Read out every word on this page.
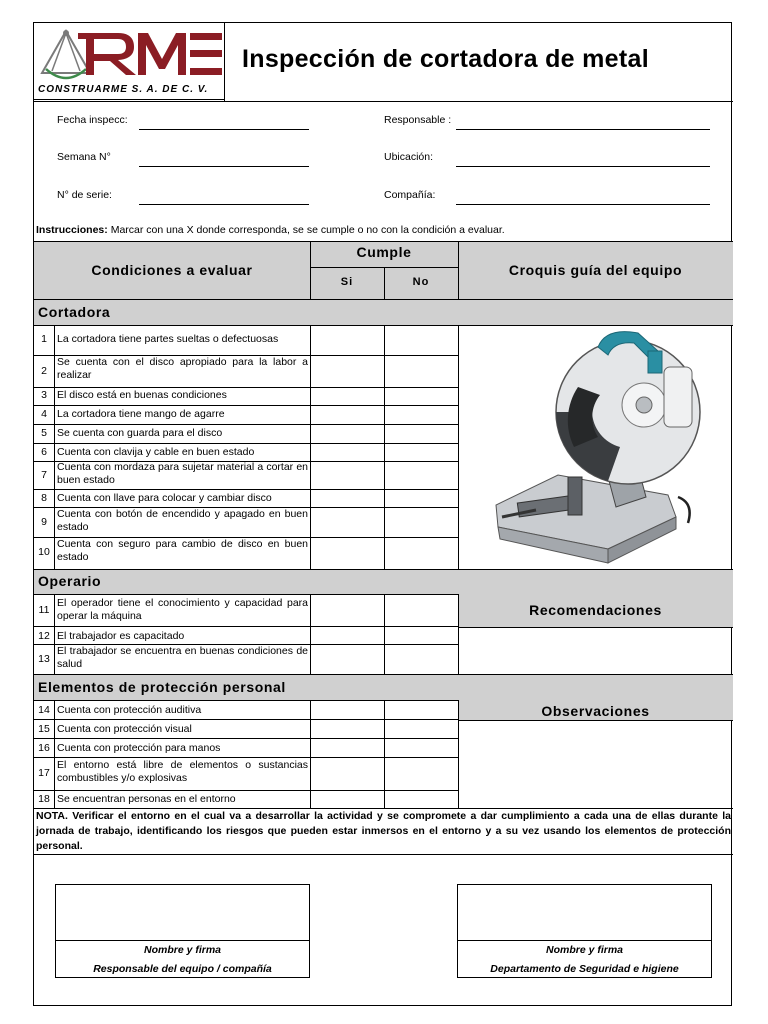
CONSTRUARME S. A. DE C. V.
Inspección de cortadora de metal
Fecha inspecc:	Responsable :
Semana N°	Ubicación:
N° de serie:	Compañía:
Instrucciones: Marcar con una X donde corresponda, se se cumple o no con la condición a evaluar.
Condiciones a evaluar
Cumple
Si	No
Croquis guía del equipo
Cortadora
1 La cortadora tiene partes sueltas o defectuosas
2
Se cuenta con el disco apropiado para la labor a realizar
3 El disco está en buenas condiciones
4 La cortadora tiene mango de agarre
5 Se cuenta con guarda para el disco
6 Cuenta con clavija y cable en buen estado
7
Cuenta con mordaza para sujetar material a cortar en buen estado
8 Cuenta con llave para colocar y cambiar disco
9
Cuenta con botón de encendido y apagado en buen estado
10
Cuenta con seguro para cambio de disco en buen estado
Operario
Recomendaciones
11
El operador tiene el conocimiento y capacidad para operar la máquina
12 El trabajador es capacitado
13
El trabajador se encuentra en buenas condiciones de salud
Elementos de protección personal
Observaciones
14 Cuenta con protección auditiva
15 Cuenta con protección visual
16 Cuenta con protección para manos
17
El entorno está libre de elementos o sustancias combustibles y/o explosivas
18 Se encuentran personas en el entorno
NOTA. Verificar el entorno en el cual va a desarrollar la actividad y se compromete a dar cumplimiento a cada una de ellas durante la jornada de trabajo, identificando los riesgos que pueden estar inmersos en el entorno y a su vez usando los elementos de protección personal.
Nombre y firma
Responsable del equipo / compañía
Nombre y firma
Departamento de Seguridad e higiene
